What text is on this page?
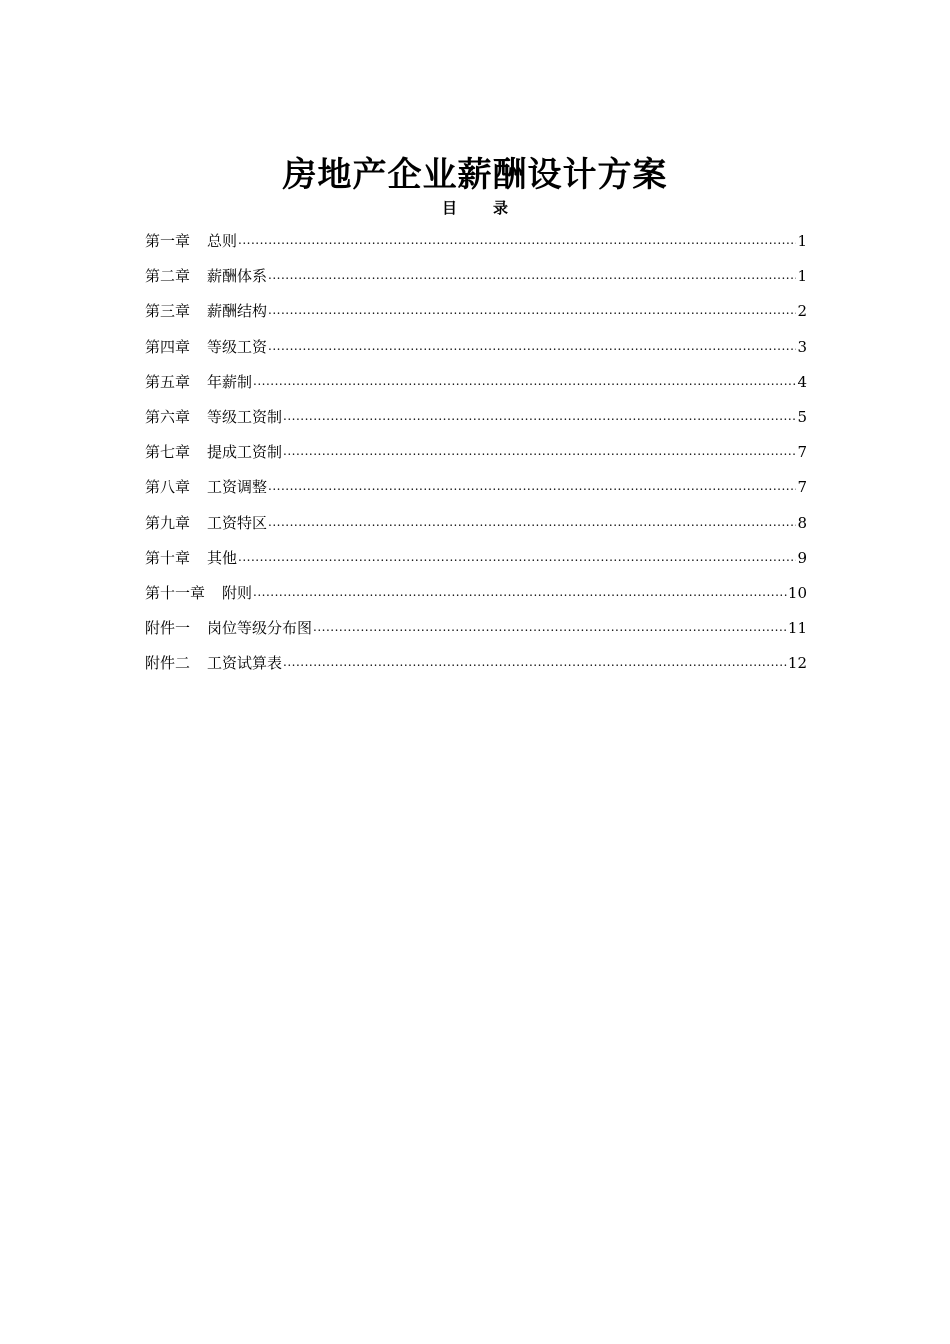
房地产企业薪酬设计方案
目 录
第一章 总则 .....	1
第二章 薪酬体系 .....	1
第三章 薪酬结构 .....	2
第四章 等级工资 .....	3
第五章 年薪制 .....	4
第六章 等级工资制 .....	5
第七章 提成工资制 .....	7
第八章 工资调整 .....	7
第九章 工资特区 .....	8
第十章 其他 .....	9
第十一章 附则 .....	10
附件一 岗位等级分布图 .....	11
附件二 工资试算表 .....	12
